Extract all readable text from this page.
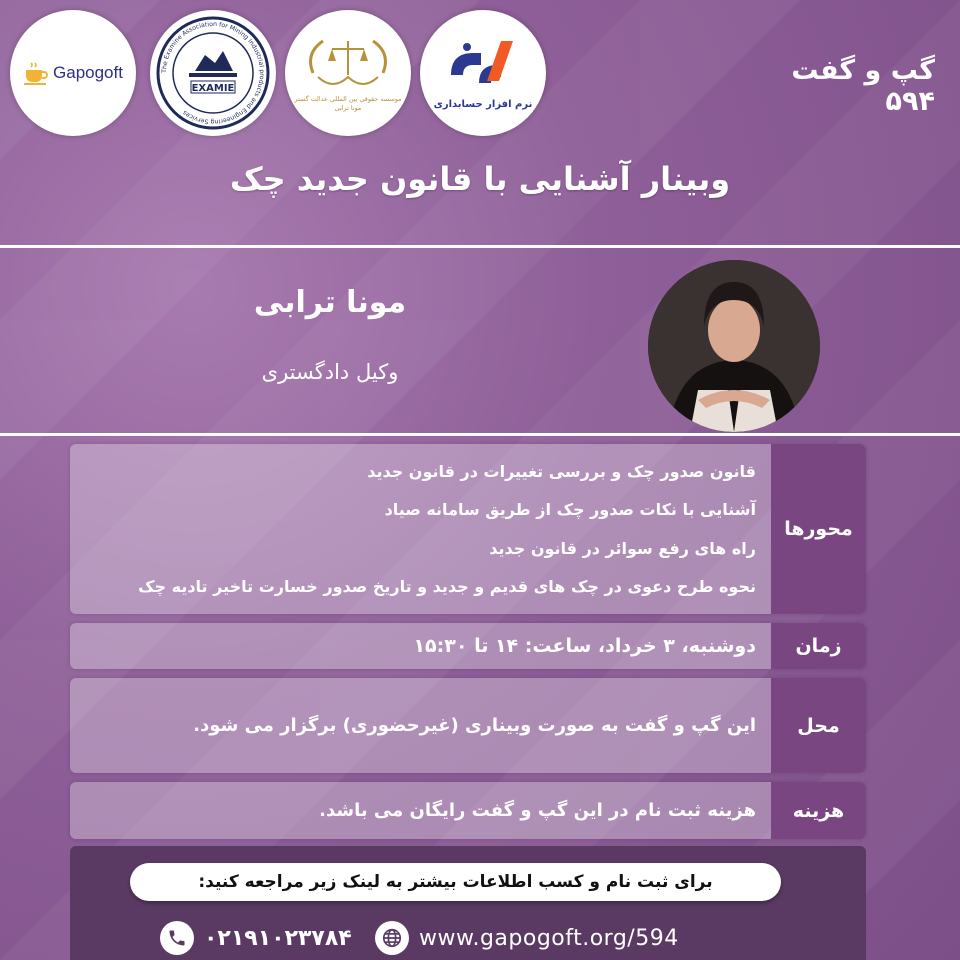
Gapogoft	The Examine Association for Mining Industrial products and Engineering Services
EXAMIE
موسسه حقوقی بین المللی عدالت گستر
مونا ترابی	نرم افزار حسابداری
گپ و گفت ۵۹۴
وبینار آشنایی با قانون جدید چک
مونا ترابی
وکیل دادگستری
محورها
قانون صدور چک و بررسی تغییرات در قانون جدید
آشنایی با نکات صدور چک از طریق سامانه صیاد
راه های رفع سوائر در قانون جدید
نحوه طرح دعوی در چک های قدیم و جدید و تاریخ صدور خسارت تاخیر تادیه چک
زمان
دوشنبه، ۳ خرداد، ساعت: ۱۴ تا ۱۵:۳۰
محل
این گپ و گفت به صورت وبیناری (غیرحضوری) برگزار می شود.
هزینه
هزینه ثبت نام در این گپ و گفت رایگان می باشد.
برای ثبت نام و کسب اطلاعات بیشتر به لینک زیر مراجعه کنید:
۰۲۱۹۱۰۲۳۷۸۴	www.gapogoft.org/594
